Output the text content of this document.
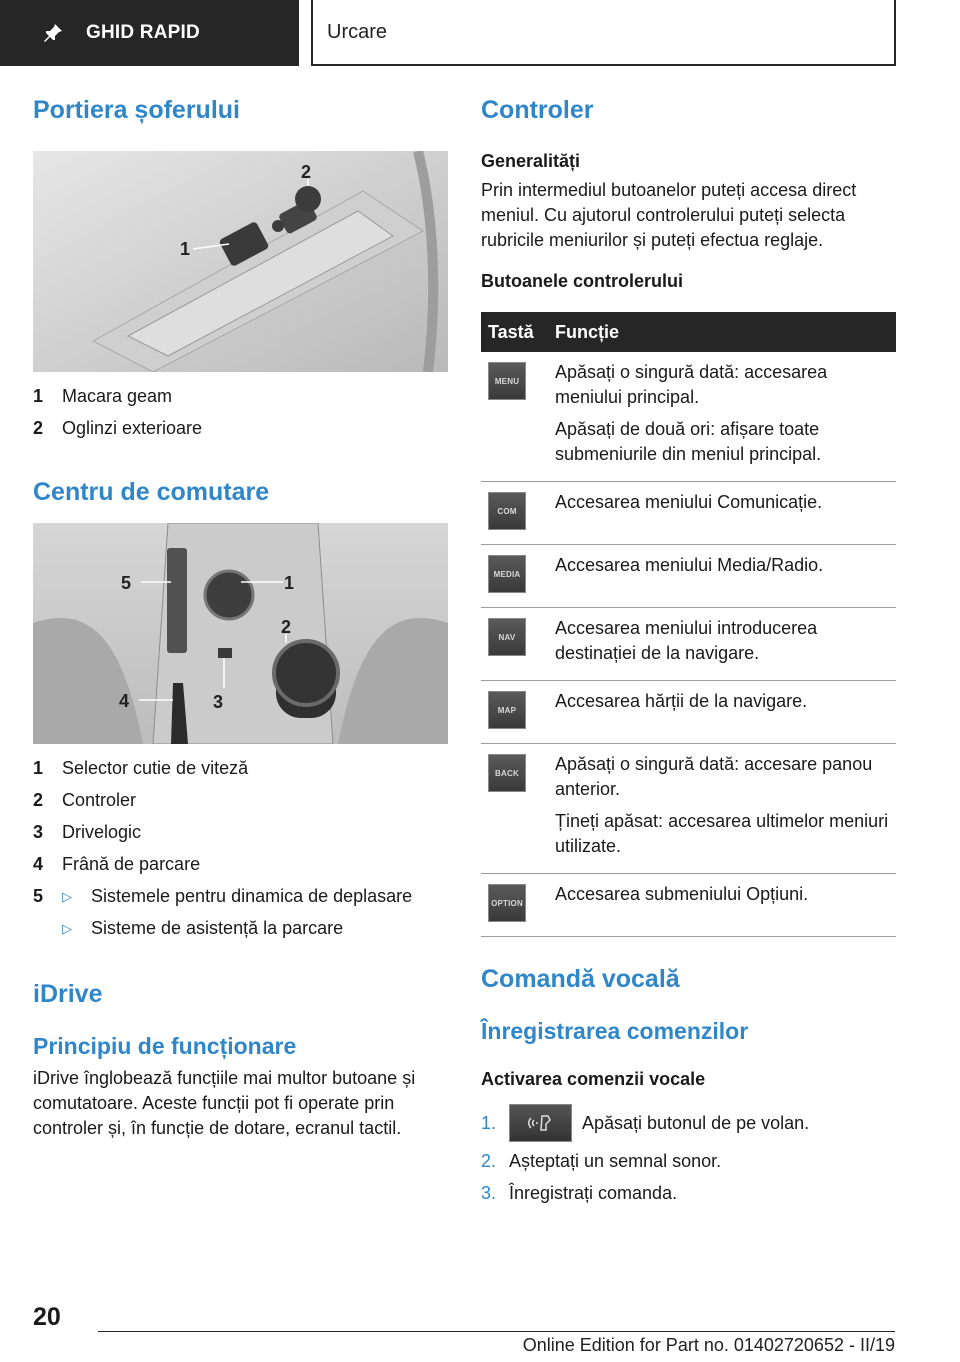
GHID RAPID	Urcare
Portiera șoferului
1
2
1	Macara geam
2	Oglinzi exterioare
Centru de comutare
5	1
2
3
4
1	Selector cutie de viteză
2	Controler
3	Drivelogic
4	Frână de parcare
5	▷	Sistemele pentru dinamica de deplasare
▷	Sisteme de asistență la parcare
iDrive
Principiu de funcționare

iDrive înglobează funcțiile mai multor butoane și comutatoare. Aceste funcții pot fi operate prin controler și, în funcție de dotare, ecranul tactil.

Controler
Generalități

Prin intermediul butoanelor puteți accesa direct meniul. Cu ajutorul controlerului puteți selecta rubricile meniurilor și puteți efectua reglaje.

Butoanele controlerului
Tastă	Funcție

MENU	Apăsați o singură dată: accesarea meniului principal.

Apăsați de două ori: afișare toate submeniurile din meniul principal.

COM	Accesarea meniului Comunicație.

MEDIA	Accesarea meniului Media/Radio.

NAV	Accesarea meniului introducerea destinației de la navigare.

MAP	Accesarea hărții de la navigare.

BACK	Apăsați o singură dată: accesare panou anterior.

Țineți apăsat: accesarea ultimelor meniuri utilizate.

OPTION	Accesarea submeniului Opțiuni.

Comandă vocală
Înregistrarea comenzilor
Activarea comenzii vocale
1.	Apăsați butonul de pe volan.
2. Așteptați un semnal sonor.
3. Înregistrați comanda.
20
Online Edition for Part no. 01402720652 - II/19
